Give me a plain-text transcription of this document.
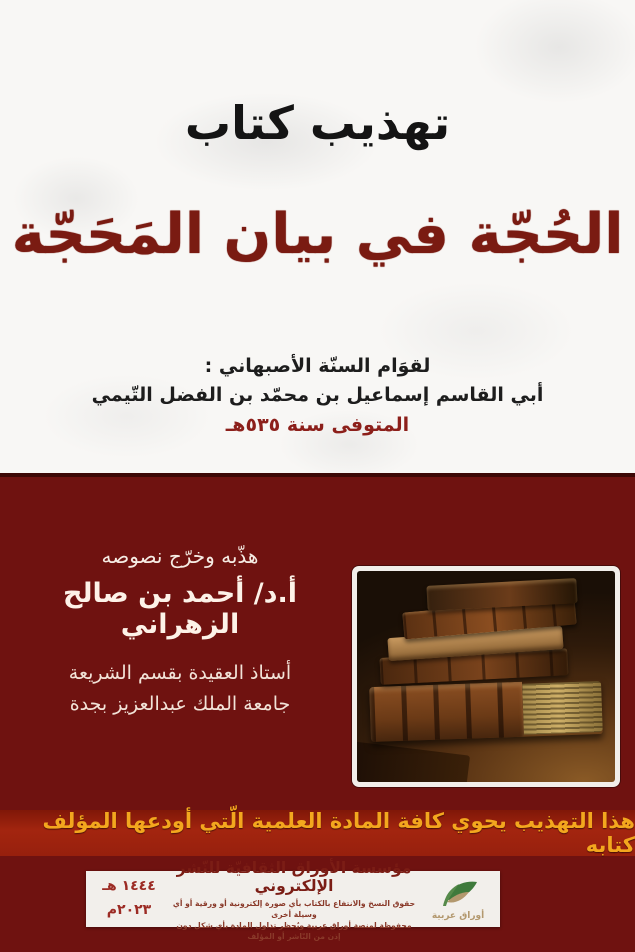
تهذيب كتاب
الحُجّة في بيان المَحَجّة
لقوَام السنّة الأصبهاني :
أبي القاسم إسماعيل بن محمّد بن الفضل التّيمي
المتوفى سنة ٥٣٥هـ
هذّبه وخرّج نصوصه
أ.د/ أحمد بن صالح الزهراني
أستاذ العقيدة بقسم الشريعة
جامعة الملك عبدالعزيز بجدة
هذا التهذيب يحوي كافة المادة العلمية الّتي أودعها المؤلف كتابه
أوراق عربية
مؤسسة الأوراق الثقافيّة للنّشر الإلكتروني
حقوق النسخ والانتفاع بالكتاب بأي صورة إلكترونية أو ورقية أو أي وسيلة أخرى
محفوظة لمنصة أوراق عربية ويُحظر تداول المادة بأي شكل دون إذن من النّاشر أو المؤلف
١٤٤٤ هـ
٢٠٢٣م
